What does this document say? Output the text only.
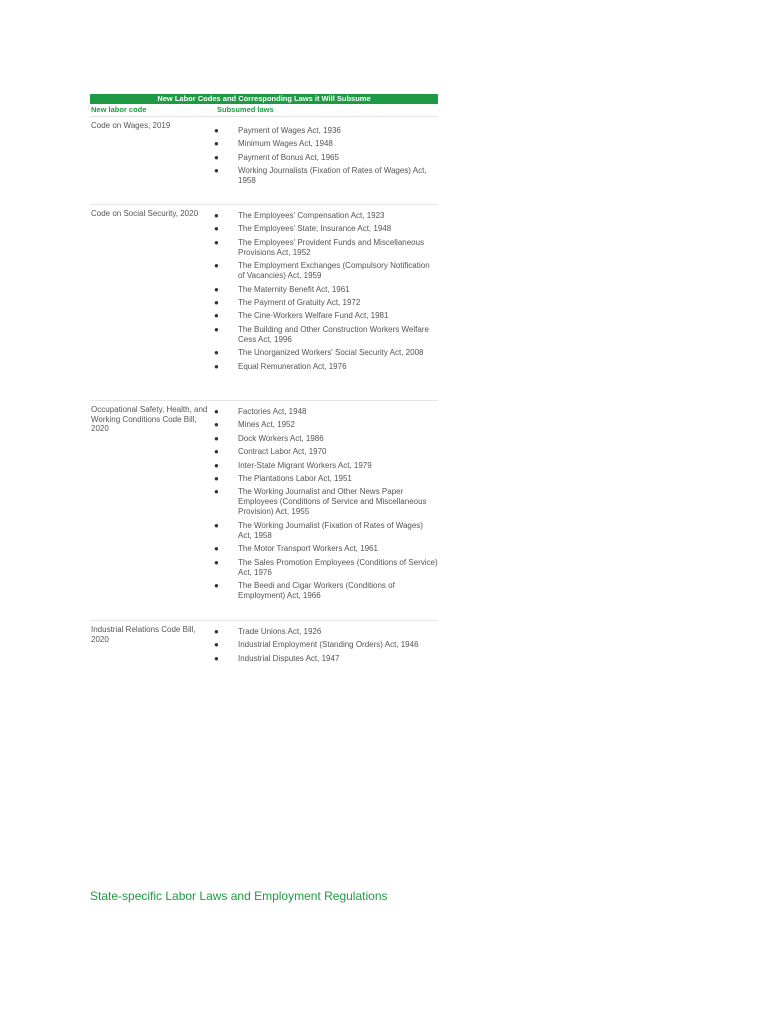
New Labor Codes and Corresponding Laws it Will Subsume
New labor code	Subsumed laws
Code on Wages, 2019
● Payment of Wages Act, 1936
● Minimum Wages Act, 1948
● Payment of Bonus Act, 1965
● Working Journalists (Fixation of Rates of Wages) Act, 1958
Code on Social Security, 2020	● The Employees' Compensation Act, 1923
● The Employees' State; Insurance Act, 1948
● The Employees' Provident Funds and Miscellaneous Provisions Act, 1952
● The Employment Exchanges (Compulsory Notification of Vacancies) Act, 1959
● The Maternity Benefit Act, 1961
● The Payment of Gratuity Act, 1972
● The Cine-Workers Welfare Fund Act, 1981
● The Building and Other Construction Workers Welfare Cess Act, 1996
● The Unorganized Workers' Social Security Act, 2008
● Equal Remuneration Act, 1976
Occupational Safety, Health, and Working Conditions Code Bill, 2020
● Factories Act, 1948
● Mines Act, 1952
● Dock Workers Act, 1986
● Contract Labor Act, 1970
● Inter-State Migrant Workers Act, 1979
● The Plantations Labor Act, 1951
● The Working Journalist and Other News Paper Employees (Conditions of Service and Miscellaneous Provision) Act, 1955
● The Working Journalist (Fixation of Rates of Wages) Act, 1958
● The Motor Transport Workers Act, 1961
● The Sales Promotion Employees (Conditions of Service) Act, 1976
● The Beedi and Cigar Workers (Conditions of Employment) Act, 1966
Industrial Relations Code Bill, 2020
● Trade Unions Act, 1926
● Industrial Employment (Standing Orders) Act, 1946
● Industrial Disputes Act, 1947
State-specific Labor Laws and Employment Regulations
